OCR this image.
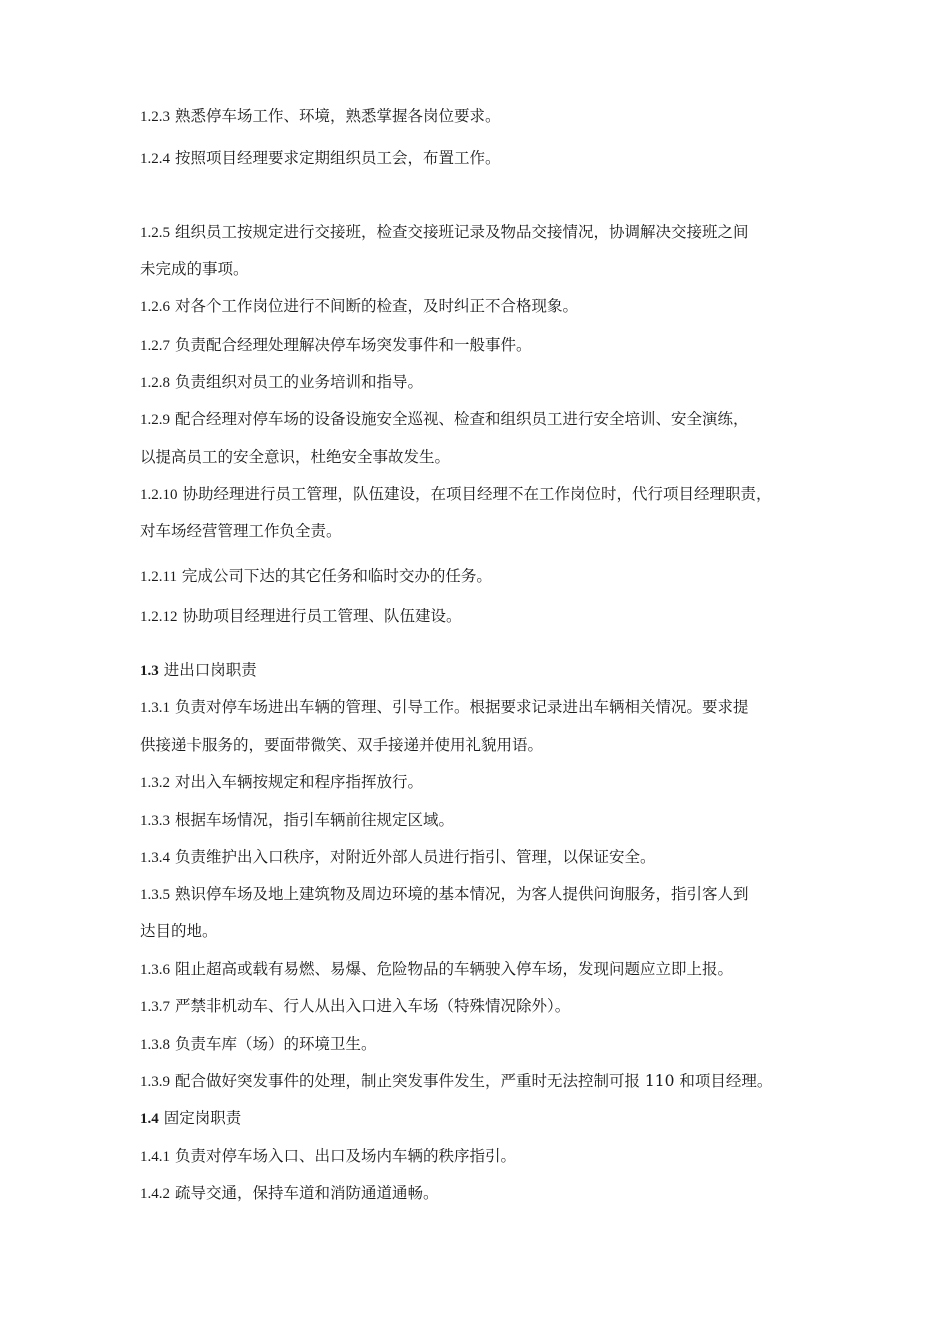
1.2.3 熟悉停车场工作、环境，熟悉掌握各岗位要求。
1.2.4 按照项目经理要求定期组织员工会，布置工作。
1.2.5 组织员工按规定进行交接班，检查交接班记录及物品交接情况，协调解决交接班之间
未完成的事项。
1.2.6 对各个工作岗位进行不间断的检查，及时纠正不合格现象。
1.2.7 负责配合经理处理解决停车场突发事件和一般事件。
1.2.8 负责组织对员工的业务培训和指导。
1.2.9 配合经理对停车场的设备设施安全巡视、检查和组织员工进行安全培训、安全演练，
以提高员工的安全意识，杜绝安全事故发生。
1.2.10 协助经理进行员工管理，队伍建设，在项目经理不在工作岗位时，代行项目经理职责，
对车场经营管理工作负全责。
1.2.11 完成公司下达的其它任务和临时交办的任务。
1.2.12 协助项目经理进行员工管理、队伍建设。
1.3 进出口岗职责
1.3.1 负责对停车场进出车辆的管理、引导工作。根据要求记录进出车辆相关情况。要求提
供接递卡服务的，要面带微笑、双手接递并使用礼貌用语。
1.3.2 对出入车辆按规定和程序指挥放行。
1.3.3 根据车场情况，指引车辆前往规定区域。
1.3.4 负责维护出入口秩序，对附近外部人员进行指引、管理，以保证安全。
1.3.5 熟识停车场及地上建筑物及周边环境的基本情况，为客人提供问询服务，指引客人到
达目的地。
1.3.6 阻止超高或载有易燃、易爆、危险物品的车辆驶入停车场，发现问题应立即上报。
1.3.7 严禁非机动车、行人从出入口进入车场（特殊情况除外）。
1.3.8 负责车库（场）的环境卫生。
1.3.9 配合做好突发事件的处理，制止突发事件发生，严重时无法控制可报 110 和项目经理。
1.4 固定岗职责
1.4.1 负责对停车场入口、出口及场内车辆的秩序指引。
1.4.2 疏导交通，保持车道和消防通道通畅。
